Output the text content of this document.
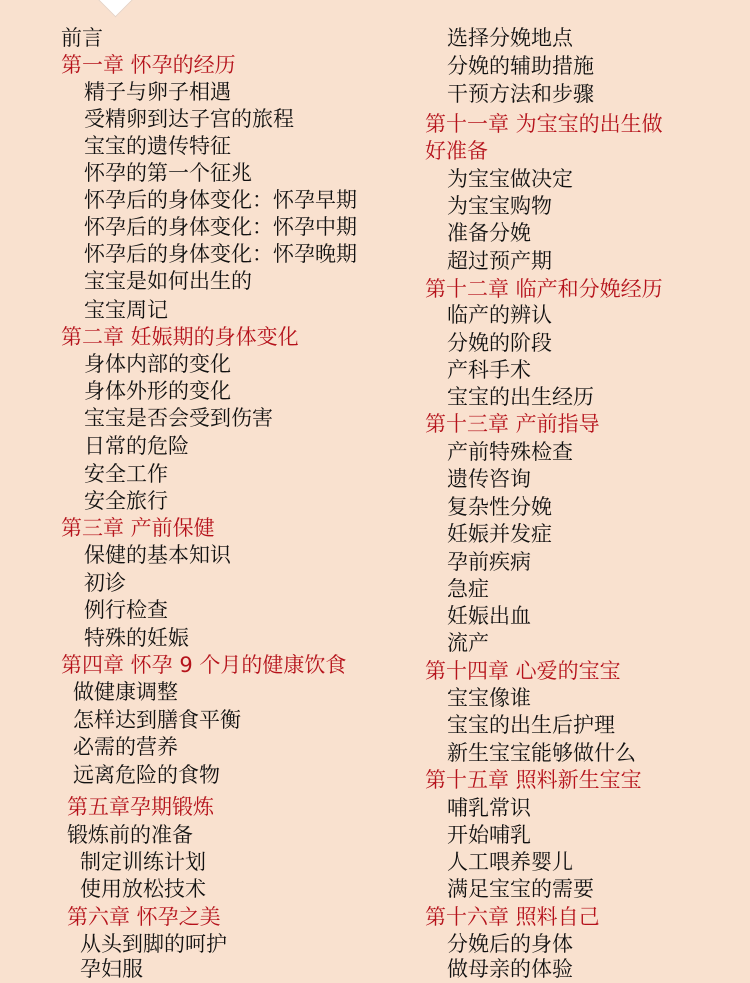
前言
第一章 怀孕的经历
精子与卵子相遇
受精卵到达子宫的旅程
宝宝的遗传特征
怀孕的第一个征兆
怀孕后的身体变化：怀孕早期
怀孕后的身体变化：怀孕中期
怀孕后的身体变化：怀孕晚期
宝宝是如何出生的
宝宝周记
第二章 妊娠期的身体变化
身体内部的变化
身体外形的变化
宝宝是否会受到伤害
日常的危险
安全工作
安全旅行
第三章 产前保健
保健的基本知识
初诊
例行检查
特殊的妊娠
第四章 怀孕 9 个月的健康饮食
做健康调整
怎样达到膳食平衡
必需的营养
远离危险的食物
第五章孕期锻炼
锻炼前的准备
制定训练计划
使用放松技术
第六章 怀孕之美
从头到脚的呵护
孕妇服
选择分娩地点
分娩的辅助措施
干预方法和步骤
第十一章 为宝宝的出生做
好准备
为宝宝做决定
为宝宝购物
准备分娩
超过预产期
第十二章 临产和分娩经历
临产的辨认
分娩的阶段
产科手术
宝宝的出生经历
第十三章 产前指导
产前特殊检查
遗传咨询
复杂性分娩
妊娠并发症
孕前疾病
急症
妊娠出血
流产
第十四章 心爱的宝宝
宝宝像谁
宝宝的出生后护理
新生宝宝能够做什么
第十五章 照料新生宝宝
哺乳常识
开始哺乳
人工喂养婴儿
满足宝宝的需要
第十六章 照料自己
分娩后的身体
做母亲的体验
